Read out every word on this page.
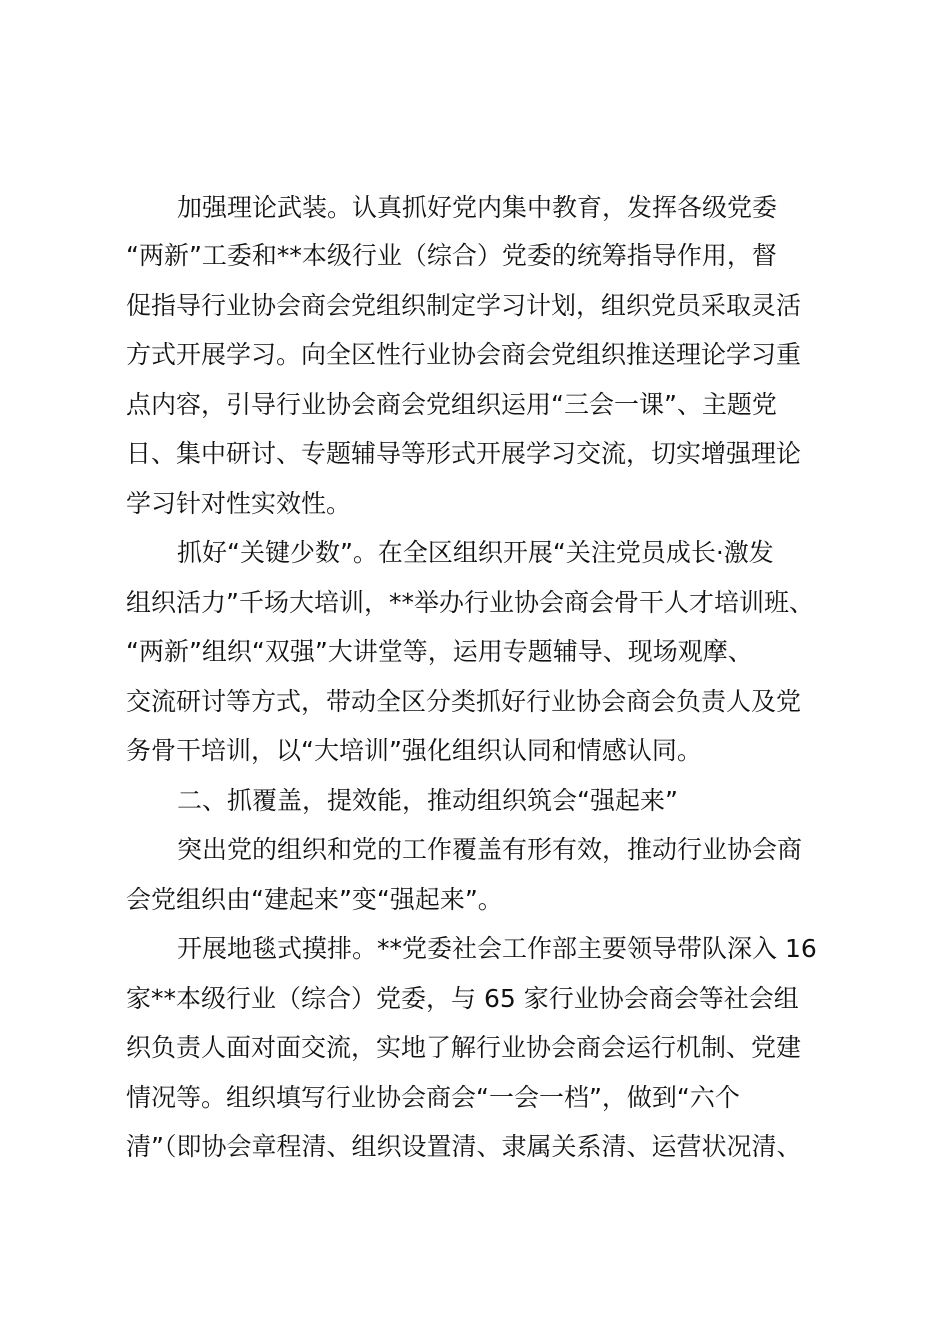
加强理论武装。认真抓好党内集中教育，发挥各级党委
“两新”工委和**本级行业（综合）党委的统筹指导作用，督
促指导行业协会商会党组织制定学习计划，组织党员采取灵活
方式开展学习。向全区性行业协会商会党组织推送理论学习重
点内容，引导行业协会商会党组织运用“三会一课”、主题党
日、集中研讨、专题辅导等形式开展学习交流，切实增强理论
学习针对性实效性。
抓好“关键少数”。在全区组织开展“关注党员成长·激发
组织活力”千场大培训，**举办行业协会商会骨干人才培训班、
“两新”组织“双强”大讲堂等，运用专题辅导、现场观摩、
交流研讨等方式，带动全区分类抓好行业协会商会负责人及党
务骨干培训，以“大培训”强化组织认同和情感认同。
二、抓覆盖，提效能，推动组织筑会“强起来”
突出党的组织和党的工作覆盖有形有效，推动行业协会商
会党组织由“建起来”变“强起来”。
开展地毯式摸排。**党委社会工作部主要领导带队深入 16
家**本级行业（综合）党委，与 65 家行业协会商会等社会组
织负责人面对面交流，实地了解行业协会商会运行机制、党建
情况等。组织填写行业协会商会“一会一档”，做到“六个
清”（即协会章程清、组织设置清、隶属关系清、运营状况清、
